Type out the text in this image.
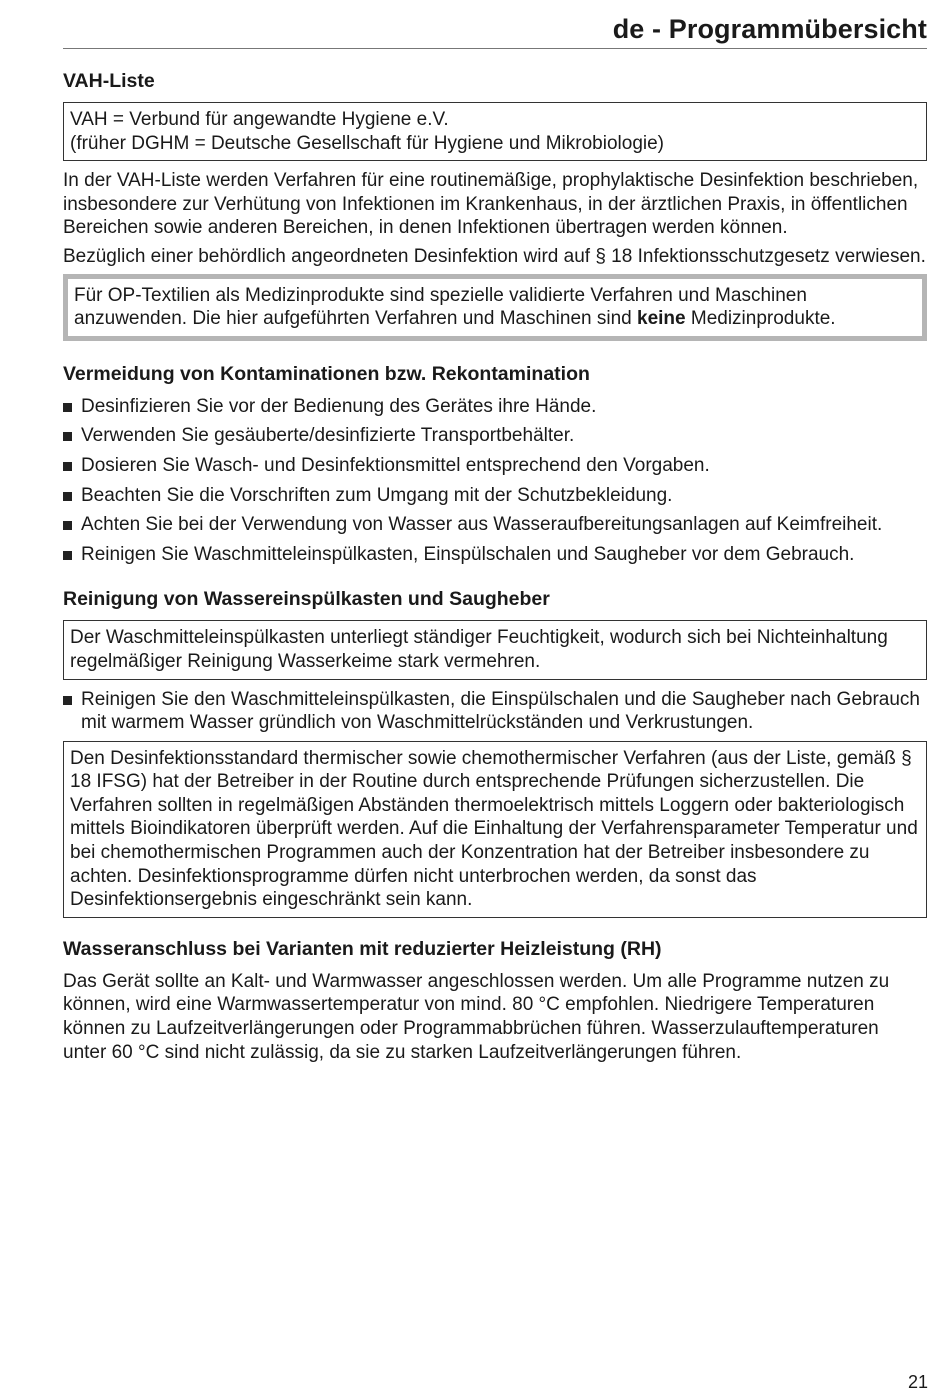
de - Programmübersicht
VAH-Liste
VAH = Verbund für angewandte Hygiene e.V.
(früher DGHM = Deutsche Gesellschaft für Hygiene und Mikrobiologie)

In der VAH-Liste werden Verfahren für eine routinemäßige, prophylaktische Desinfektion beschrieben, insbesondere zur Verhütung von Infektionen im Krankenhaus, in der ärztlichen Praxis, in öffentlichen Bereichen sowie anderen Bereichen, in denen Infektionen übertragen werden können.

Bezüglich einer behördlich angeordneten Desinfektion wird auf § 18 Infektionsschutzgesetz verwiesen.

Für OP-Textilien als Medizinprodukte sind spezielle validierte Verfahren und Maschinen anzuwenden. Die hier aufgeführten Verfahren und Maschinen sind keine Medizinprodukte.
Vermeidung von Kontaminationen bzw. Rekontamination
Desinfizieren Sie vor der Bedienung des Gerätes ihre Hände.
Verwenden Sie gesäuberte/desinfizierte Transportbehälter.
Dosieren Sie Wasch- und Desinfektionsmittel entsprechend den Vorgaben.
Beachten Sie die Vorschriften zum Umgang mit der Schutzbekleidung.
Achten Sie bei der Verwendung von Wasser aus Wasseraufbereitungsanlagen auf Keimfreiheit.
Reinigen Sie Waschmitteleinspülkasten, Einspülschalen und Saugheber vor dem Gebrauch.
Reinigung von Wassereinspülkasten und Saugheber
Der Waschmitteleinspülkasten unterliegt ständiger Feuchtigkeit, wodurch sich bei Nichteinhaltung regelmäßiger Reinigung Wasserkeime stark vermehren.
Reinigen Sie den Waschmitteleinspülkasten, die Einspülschalen und die Saugheber nach Gebrauch mit warmem Wasser gründlich von Waschmittelrückständen und Verkrustungen.
Den Desinfektionsstandard thermischer sowie chemothermischer Verfahren (aus der Liste, gemäß § 18 IFSG) hat der Betreiber in der Routine durch entsprechende Prüfungen sicherzustellen. Die Verfahren sollten in regelmäßigen Abständen thermoelektrisch mittels Loggern oder bakteriologisch mittels Bioindikatoren überprüft werden. Auf die Einhaltung der Verfahrensparameter Temperatur und bei chemothermischen Programmen auch der Konzentration hat der Betreiber insbesondere zu achten. Desinfektionsprogramme dürfen nicht unterbrochen werden, da sonst das Desinfektionsergebnis eingeschränkt sein kann.
Wasseranschluss bei Varianten mit reduzierter Heizleistung (RH)

Das Gerät sollte an Kalt- und Warmwasser angeschlossen werden. Um alle Programme nutzen zu können, wird eine Warmwassertemperatur von mind. 80 °C empfohlen. Niedrigere Temperaturen können zu Laufzeitverlängerungen oder Programmabbrüchen führen. Wasserzulauftemperaturen unter 60 °C sind nicht zulässig, da sie zu starken Laufzeitverlängerungen führen.

21
